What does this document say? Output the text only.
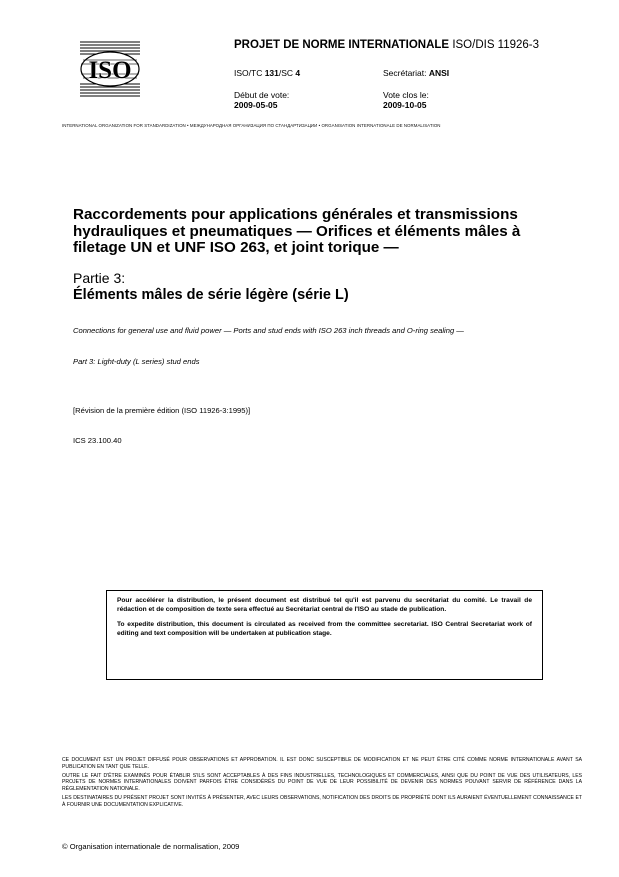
ISO
PROJET DE NORME INTERNATIONALE ISO/DIS 11926-3
ISO/TC 131/SC 4	Secrétariat: ANSI
Début de vote:
2009-05-05
Vote clos le:
2009-10-05
INTERNATIONAL ORGANIZATION FOR STANDARDIZATION • МЕЖДУНАРОДНАЯ ОРГАНИЗАЦИЯ ПО СТАНДАРТИЗАЦИИ • ORGANISATION INTERNATIONALE DE NORMALISATION
Raccordements pour applications générales et transmissions hydrauliques et pneumatiques — Orifices et éléments mâles à filetage UN et UNF ISO 263, et joint torique —
Partie 3:
Éléments mâles de série légère (série L)
Connections for general use and fluid power — Ports and stud ends with ISO 263 inch threads and O-ring sealing —
Part 3: Light-duty (L series) stud ends
[Révision de la première édition (ISO 11926-3:1995)]
ICS 23.100.40

Pour accélérer la distribution, le présent document est distribué tel qu'il est parvenu du secrétariat du comité. Le travail de rédaction et de composition de texte sera effectué au Secrétariat central de l'ISO au stade de publication.

To expedite distribution, this document is circulated as received from the committee secretariat. ISO Central Secretariat work of editing and text composition will be undertaken at publication stage.

CE DOCUMENT EST UN PROJET DIFFUSÉ POUR OBSERVATIONS ET APPROBATION. IL EST DONC SUSCEPTIBLE DE MODIFICATION ET NE PEUT ÊTRE CITÉ COMME NORME INTERNATIONALE AVANT SA PUBLICATION EN TANT QUE TELLE.

OUTRE LE FAIT D'ÊTRE EXAMINÉS POUR ÉTABLIR S'ILS SONT ACCEPTABLES À DES FINS INDUSTRIELLES, TECHNOLOGIQUES ET COMMERCIALES, AINSI QUE DU POINT DE VUE DES UTILISATEURS, LES PROJETS DE NORMES INTERNATIONALES DOIVENT PARFOIS ÊTRE CONSIDÉRÉS DU POINT DE VUE DE LEUR POSSIBILITÉ DE DEVENIR DES NORMES POUVANT SERVIR DE RÉFÉRENCE DANS LA RÉGLEMENTATION NATIONALE.

LES DESTINATAIRES DU PRÉSENT PROJET SONT INVITÉS À PRÉSENTER, AVEC LEURS OBSERVATIONS, NOTIFICATION DES DROITS DE PROPRIÉTÉ DONT ILS AURAIENT ÉVENTUELLEMENT CONNAISSANCE ET À FOURNIR UNE DOCUMENTATION EXPLICATIVE.

© Organisation internationale de normalisation, 2009
